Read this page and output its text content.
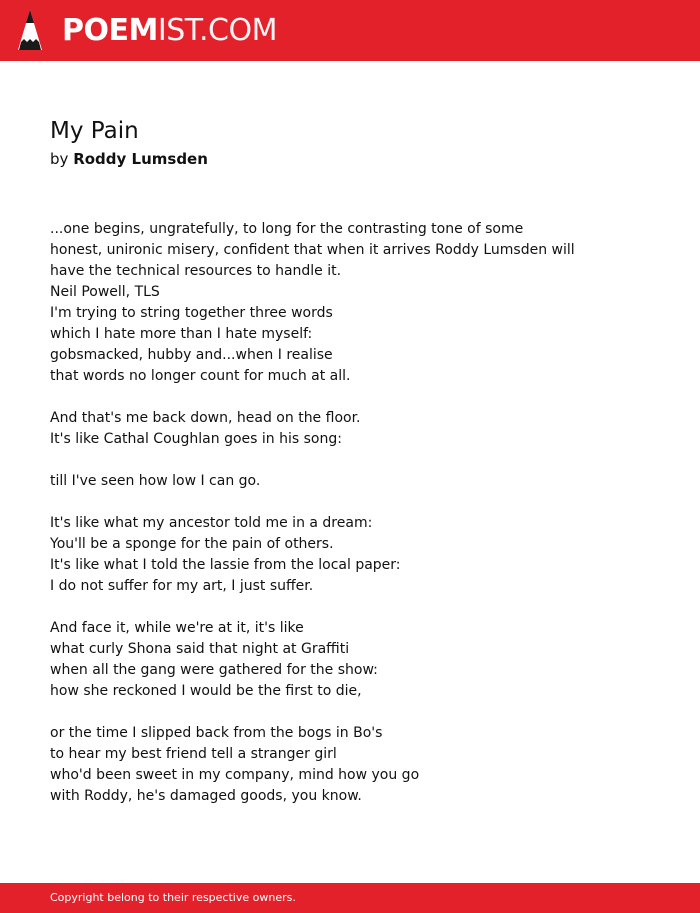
POEMIST.COM
My Pain
by Roddy Lumsden
...one begins, ungratefully, to long for the contrasting tone of some
honest, unironic misery, confident that when it arrives Roddy Lumsden will
have the technical resources to handle it.
Neil Powell, TLS
I'm trying to string together three words
which I hate more than I hate myself:
gobsmacked, hubby and...when I realise
that words no longer count for much at all.
And that's me back down, head on the floor.
It's like Cathal Coughlan goes in his song:
till I've seen how low I can go.
It's like what my ancestor told me in a dream:
You'll be a sponge for the pain of others.
It's like what I told the lassie from the local paper:
I do not suffer for my art, I just suffer.
And face it, while we're at it, it's like
what curly Shona said that night at Graffiti
when all the gang were gathered for the show:
how she reckoned I would be the first to die,
or the time I slipped back from the bogs in Bo's
to hear my best friend tell a stranger girl
who'd been sweet in my company, mind how you go
with Roddy, he's damaged goods, you know.
Copyright belong to their respective owners.
